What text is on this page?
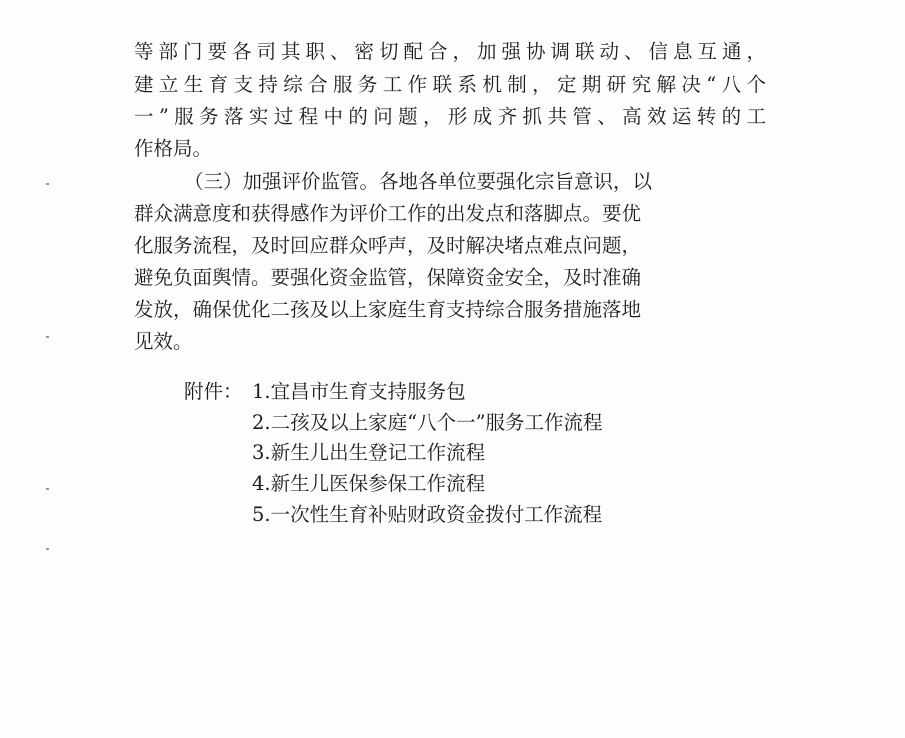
等部门要各司其职、密切配合，加强协调联动、信息互通，
建立生育支持综合服务工作联系机制，定期研究解决“八个
一”服务落实过程中的问题，形成齐抓共管、高效运转的工
作格局。
（三）加强评价监管。各地各单位要强化宗旨意识，以
群众满意度和获得感作为评价工作的出发点和落脚点。要优
化服务流程，及时回应群众呼声，及时解决堵点难点问题，
避免负面舆情。要强化资金监管，保障资金安全，及时准确
发放，确保优化二孩及以上家庭生育支持综合服务措施落地
见效。
附件： 1.宜昌市生育支持服务包
2.二孩及以上家庭“八个一”服务工作流程
3.新生儿出生登记工作流程
4.新生儿医保参保工作流程
5.一次性生育补贴财政资金拨付工作流程
